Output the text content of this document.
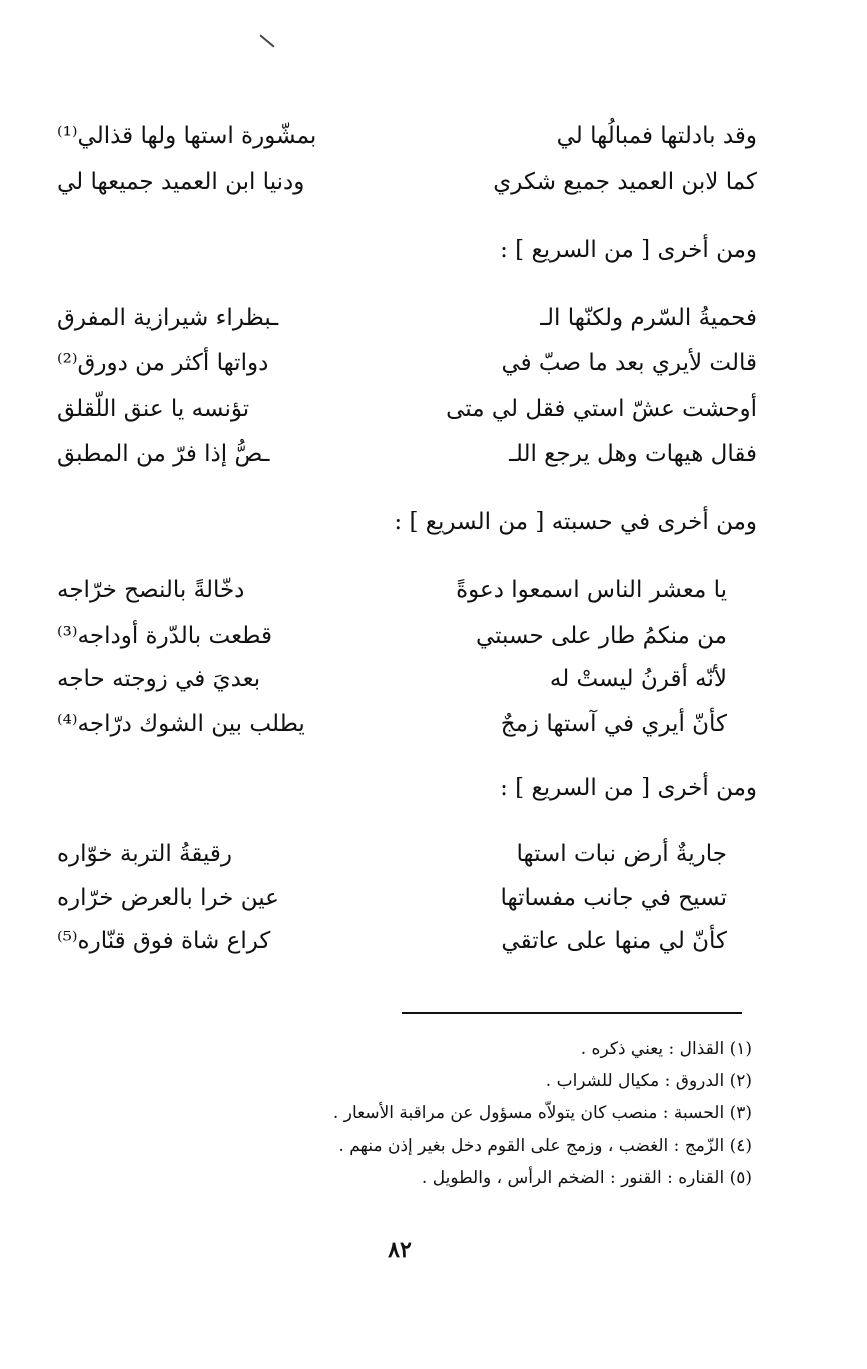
وقد بادلتها فمبالُها لي
بمشّورة استها ولها قذالي⁽¹⁾
كما لابن العميد جميع شكري
ودنيا ابن العميد جميعها لي
ومن أخرى [ من السريع ] :
فحميةُ السّرم ولكنّها الـ
ـبظراء شيرازية المفرق
قالت لأيري بعد ما صبّ في
دواتها أكثر من دورق⁽²⁾
أوحشت عشّ استي فقل لي متى
تؤنسه يا عنق اللّقلق
فقال هيهات وهل يرجع اللـ
ـصُّ إذا فرّ من المطبق
ومن أخرى في حسبته [ من السريع ] :
يا معشر الناس اسمعوا دعوةً
دخّالةً بالنصح خرّاجه
من منكمُ طار على حسبتي
قطعت بالدّرة أوداجه⁽³⁾
لأنّه أقرنُ ليستْ له
بعديَ في زوجته حاجه
كأنّ أيري في آستها زمجٌ
يطلب بين الشوك درّاجه⁽⁴⁾
ومن أخرى [ من السريع ] :
جاريةٌ أرض نبات استها
رقيقةُ التربة خوّاره
تسيح في جانب مفساتها
عين خرا بالعرض خرّاره
كأنّ لي منها على عاتقي
كراع شاة فوق قنّاره⁽⁵⁾
(١) القذال : يعني ذكره .
(٢) الدروق : مكيال للشراب .
(٣) الحسبة : منصب كان يتولاّه مسؤول عن مراقبة الأسعار .
(٤) الزّمج : الغضب ، وزمج على القوم دخل بغير إذن منهم .
(٥) القناره : القنور : الضخم الرأس ، والطويل .
٨٢
